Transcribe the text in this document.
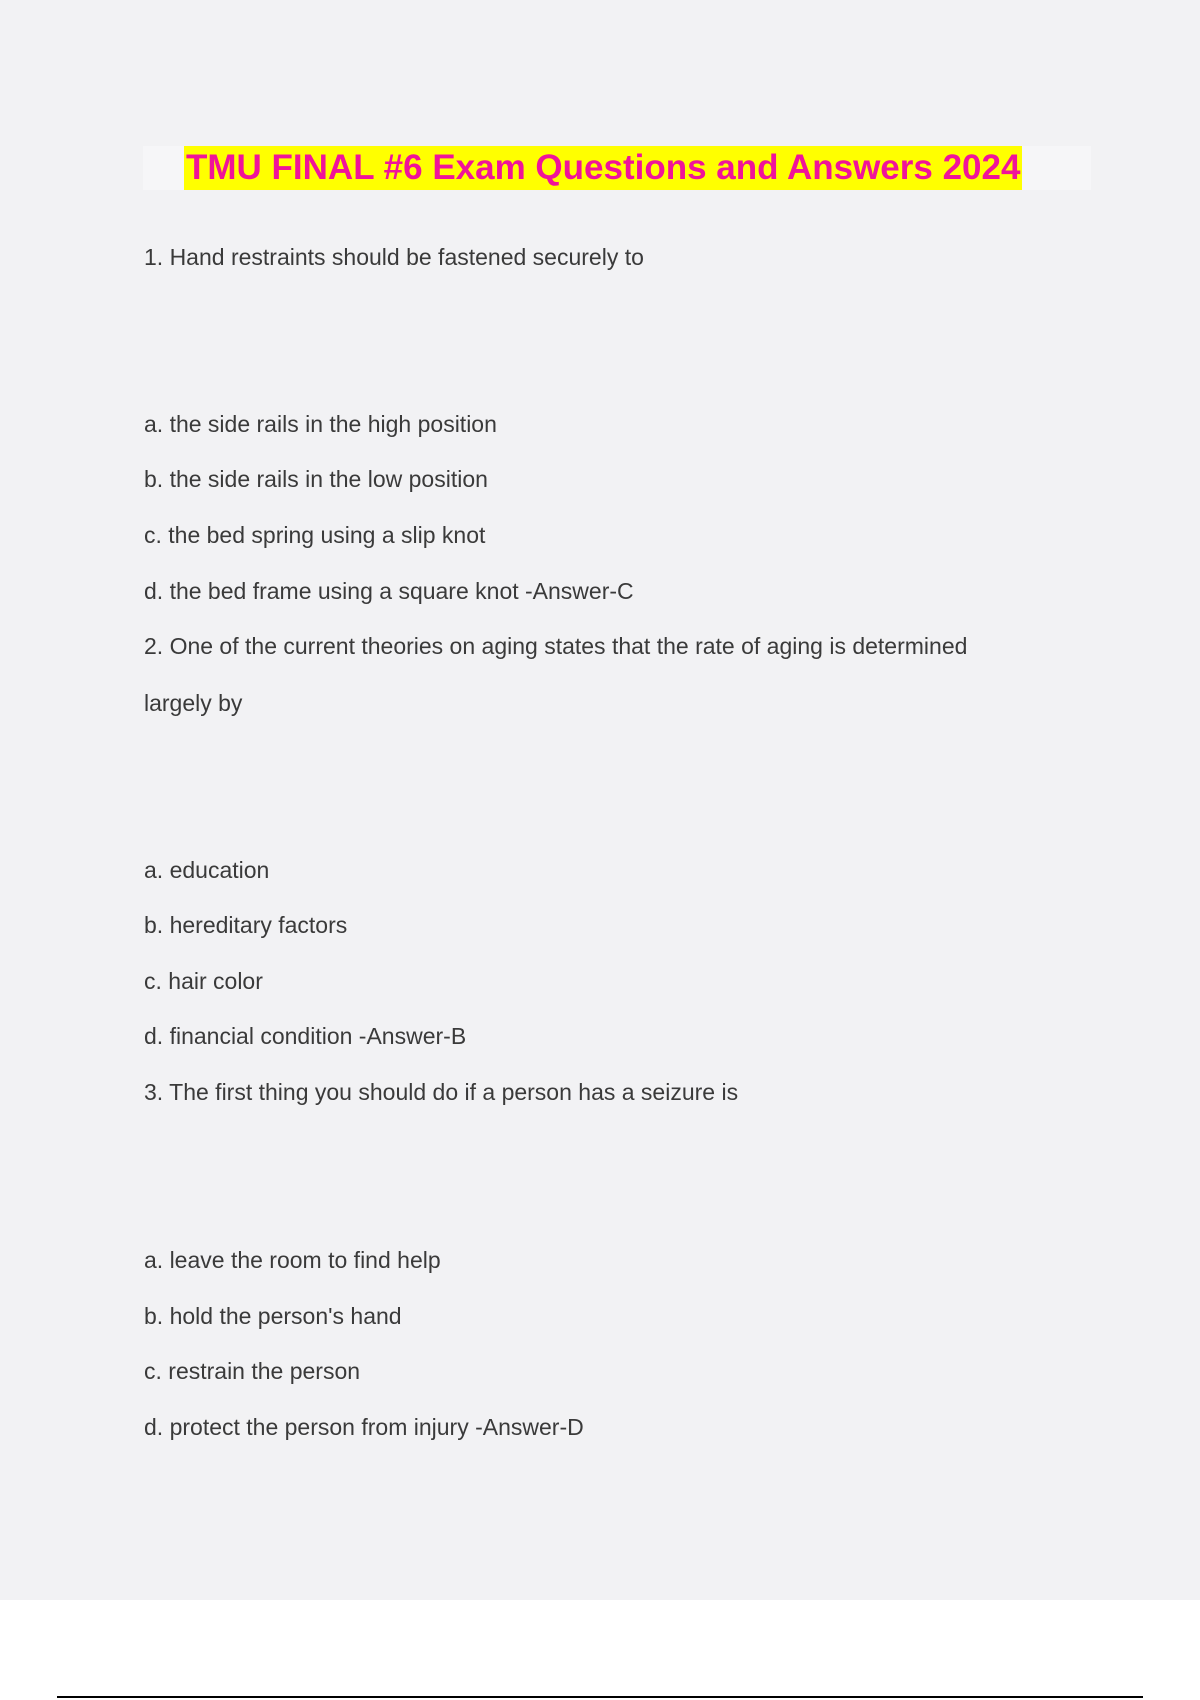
TMU FINAL #6 Exam Questions and Answers 2024
1. Hand restraints should be fastened securely to
a. the side rails in the high position
b. the side rails in the low position
c. the bed spring using a slip knot
d. the bed frame using a square knot -Answer-C
2. One of the current theories on aging states that the rate of aging is determined
largely by
a. education
b. hereditary factors
c. hair color
d. financial condition -Answer-B
3. The first thing you should do if a person has a seizure is
a. leave the room to find help
b. hold the person's hand
c. restrain the person
d. protect the person from injury -Answer-D
